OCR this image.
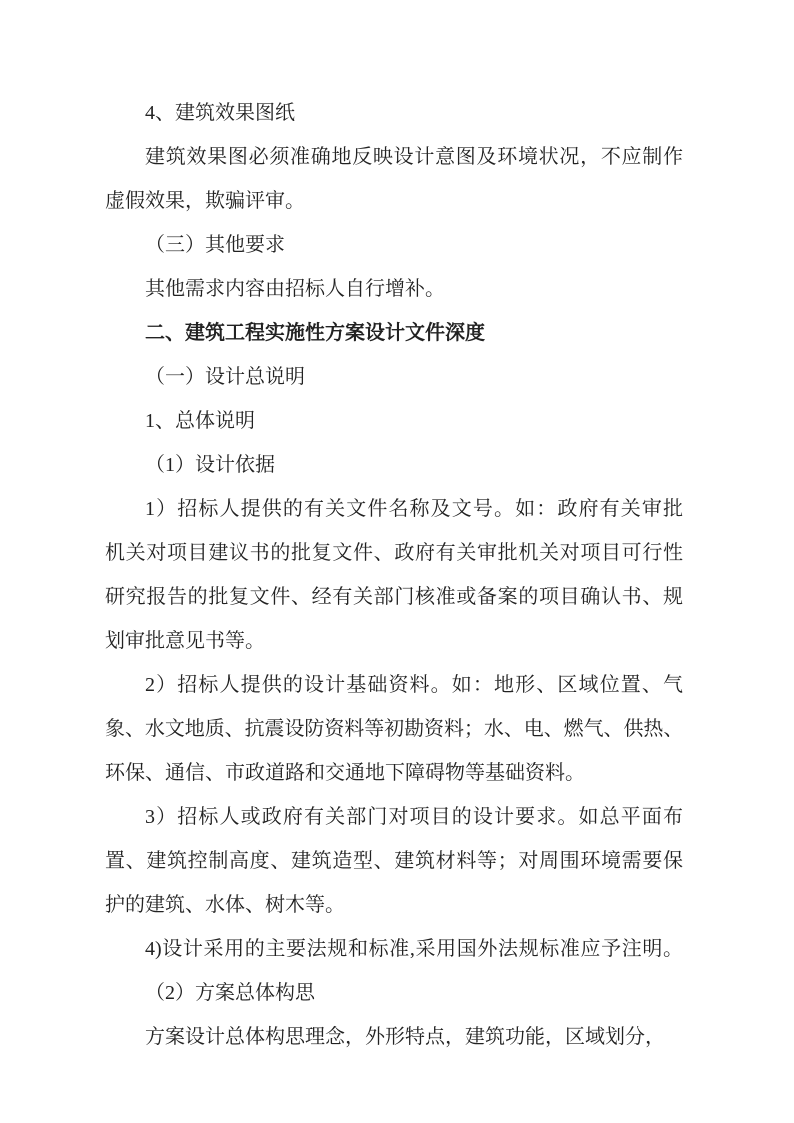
4、建筑效果图纸
建筑效果图必须准确地反映设计意图及环境状况，不应制作
虚假效果，欺骗评审。
（三）其他要求
其他需求内容由招标人自行增补。
二、建筑工程实施性方案设计文件深度
（一）设计总说明
1、总体说明
（1）设计依据
1）招标人提供的有关文件名称及文号。如：政府有关审批
机关对项目建议书的批复文件、政府有关审批机关对项目可行性
研究报告的批复文件、经有关部门核准或备案的项目确认书、规
划审批意见书等。
2）招标人提供的设计基础资料。如：地形、区域位置、气
象、水文地质、抗震设防资料等初勘资料；水、电、燃气、供热、
环保、通信、市政道路和交通地下障碍物等基础资料。
3）招标人或政府有关部门对项目的设计要求。如总平面布
置、建筑控制高度、建筑造型、建筑材料等；对周围环境需要保
护的建筑、水体、树木等。
4)设计采用的主要法规和标准,采用国外法规标准应予注明。
（2）方案总体构思
方案设计总体构思理念，外形特点，建筑功能，区域划分，
